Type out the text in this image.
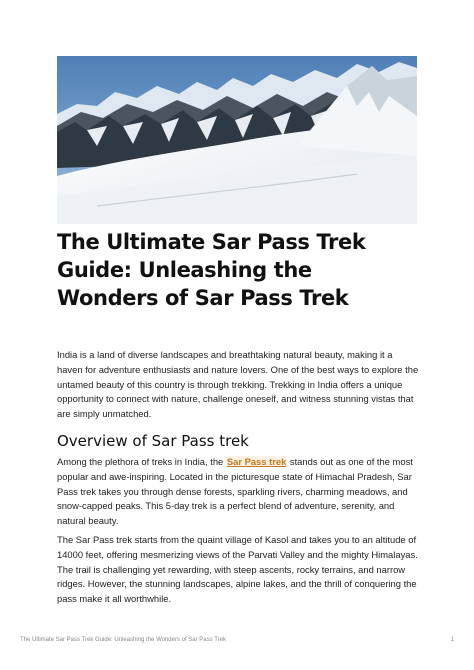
The Ultimate Sar Pass Trek Guide: Unleashing the Wonders of Sar Pass Trek

India is a land of diverse landscapes and breathtaking natural beauty, making it a haven for adventure enthusiasts and nature lovers. One of the best ways to explore the untamed beauty of this country is through trekking. Trekking in India offers a unique opportunity to connect with nature, challenge oneself, and witness stunning vistas that are simply unmatched.

Overview of Sar Pass trek

Among the plethora of treks in India, the Sar Pass trek stands out as one of the most popular and awe-inspiring. Located in the picturesque state of Himachal Pradesh, Sar Pass trek takes you through dense forests, sparkling rivers, charming meadows, and snow-capped peaks. This 5-day trek is a perfect blend of adventure, serenity, and natural beauty.

The Sar Pass trek starts from the quaint village of Kasol and takes you to an altitude of 14000 feet, offering mesmerizing views of the Parvati Valley and the mighty Himalayas. The trail is challenging yet rewarding, with steep ascents, rocky terrains, and narrow ridges. However, the stunning landscapes, alpine lakes, and the thrill of conquering the pass make it all worthwhile.

The Ultimate Sar Pass Trek Guide: Unleashing the Wonders of Sar Pass Trek	1
